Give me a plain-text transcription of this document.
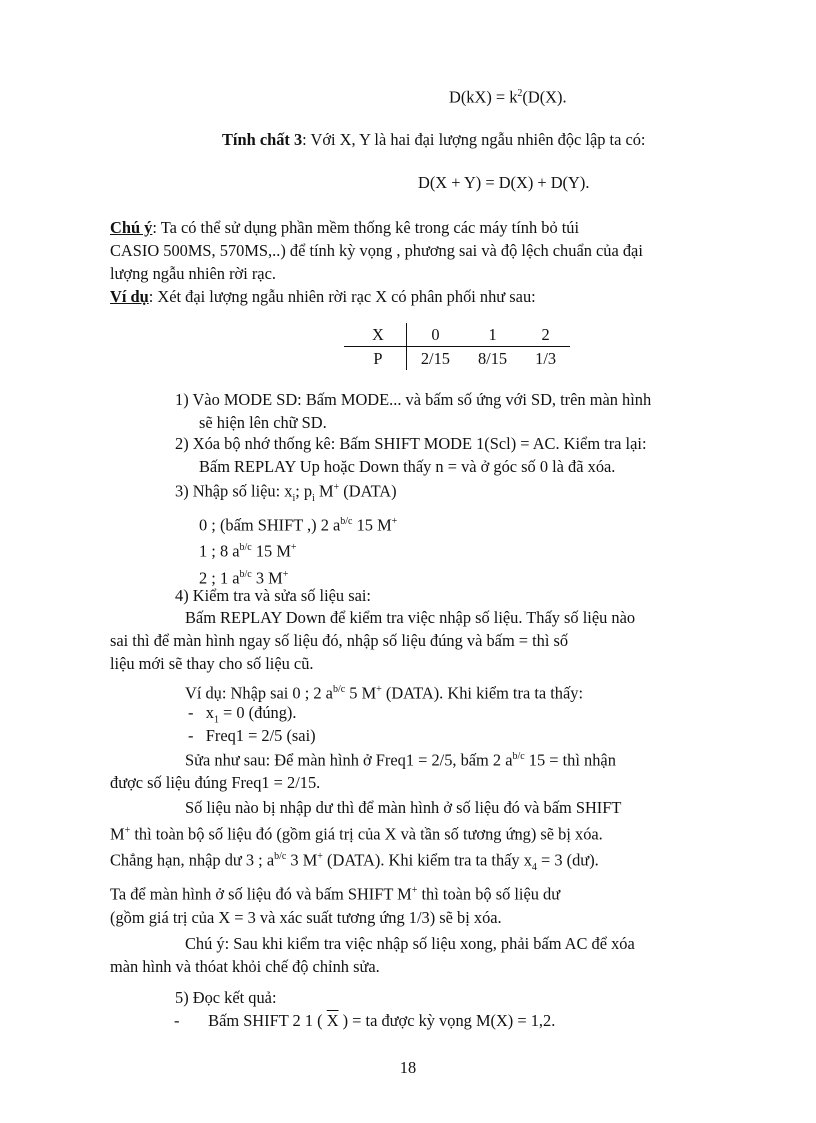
$D(kX) = k^2(D(X)$.
Tính chất 3: Với X, Y là hai đại lượng ngẫu nhiên độc lập ta có:
D(X + Y) = D(X) + D(Y).
Chú ý: Ta có thể sử dụng phần mềm thống kê trong các máy tính bỏ túi
CASIO 500MS, 570MS,..) để tính kỳ vọng , phương sai và độ lệch chuẩn của đại
lượng ngẫu nhiên rời rạc.
Ví dụ: Xét đại lượng ngẫu nhiên rời rạc X có phân phối như sau:
X	0	1	2
P	2/15	8/15	1/3
1) Vào MODE SD: Bấm MODE... và bấm số ứng với SD, trên màn hình
sẽ hiện lên chữ SD.
2) Xóa bộ nhớ thống kê: Bấm SHIFT MODE 1(Scl) = AC. Kiểm tra lại:
Bấm REPLAY Up hoặc Down thấy n = và ở góc số 0 là đã xóa.
3) Nhập số liệu: $x_i$; $p_i$ M+ (DATA)
0 ; (bấm SHIFT ,) 2 $a^{b/c}$ 15 M+
1 ; 8 $a^{b/c}$ 15 M+
2 ; 1 $a^{b/c}$ 3 M+
4) Kiểm tra và sửa số liệu sai:
Bấm REPLAY Down để kiểm tra việc nhập số liệu. Thấy số liệu nào
sai thì để màn hình ngay số liệu đó, nhập số liệu đúng và bấm = thì số
liệu mới sẽ thay cho số liệu cũ.
Ví dụ: Nhập sai 0 ; 2 $a^{b/c}$ 5 M+ (DATA). Khi kiểm tra ta thấy:
-   $x_1 = 0$ (đúng).
-   Freq1 = 2/5 (sai)
Sửa như sau: Để màn hình ở Freq1 = 2/5, bấm 2 $a^{b/c}$ 15 = thì nhận
được số liệu đúng Freq1 = 2/15.
Số liệu nào bị nhập dư thì để màn hình ở số liệu đó và bấm SHIFT
M+ thì toàn bộ số liệu đó (gồm giá trị của X và tần số tương ứng) sẽ bị xóa.
Chẳng hạn, nhập dư 3 ; $a^{b/c}$ 3 M+ (DATA). Khi kiểm tra ta thấy $x_4 = 3$ (dư).
Ta để màn hình ở số liệu đó và bấm SHIFT M+ thì toàn bộ số liệu dư
(gồm giá trị của X = 3 và xác suất tương ứng 1/3) sẽ bị xóa.
Chú ý: Sau khi kiểm tra việc nhập số liệu xong, phải bấm AC để xóa
màn hình và thóat khỏi chế độ chỉnh sửa.
5) Đọc kết quả:
-       Bấm SHIFT 2 1 ( $\overline{X}$ ) = ta được kỳ vọng M(X) = 1,2.
18
